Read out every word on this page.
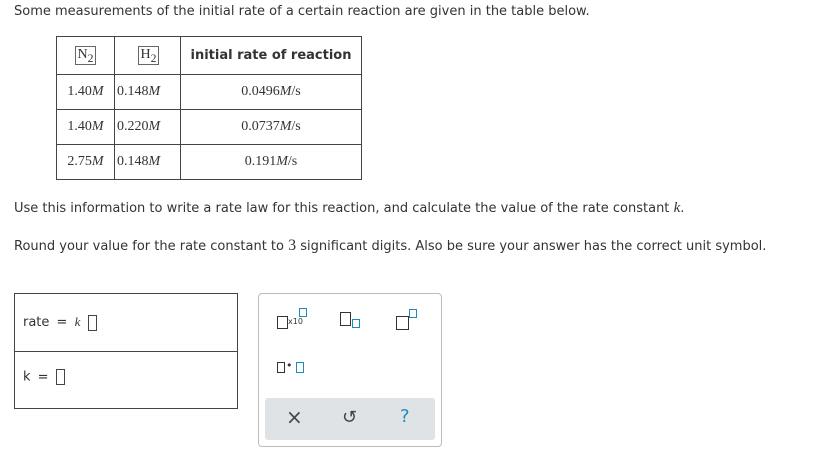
Some measurements of the initial rate of a certain reaction are given in the table below.
$N_2$	$H_2$	initial rate of reaction
1.40M	0.148M	0.0496M/s
1.40M	0.220M	0.0737M/s
2.75M	0.148M	0.191M/s
Use this information to write a rate law for this reaction, and calculate the value of the rate constant k.
Round your value for the rate constant to 3 significant digits. Also be sure your answer has the correct unit symbol.
rate = k
k =
x10
•
× ↺ ?
